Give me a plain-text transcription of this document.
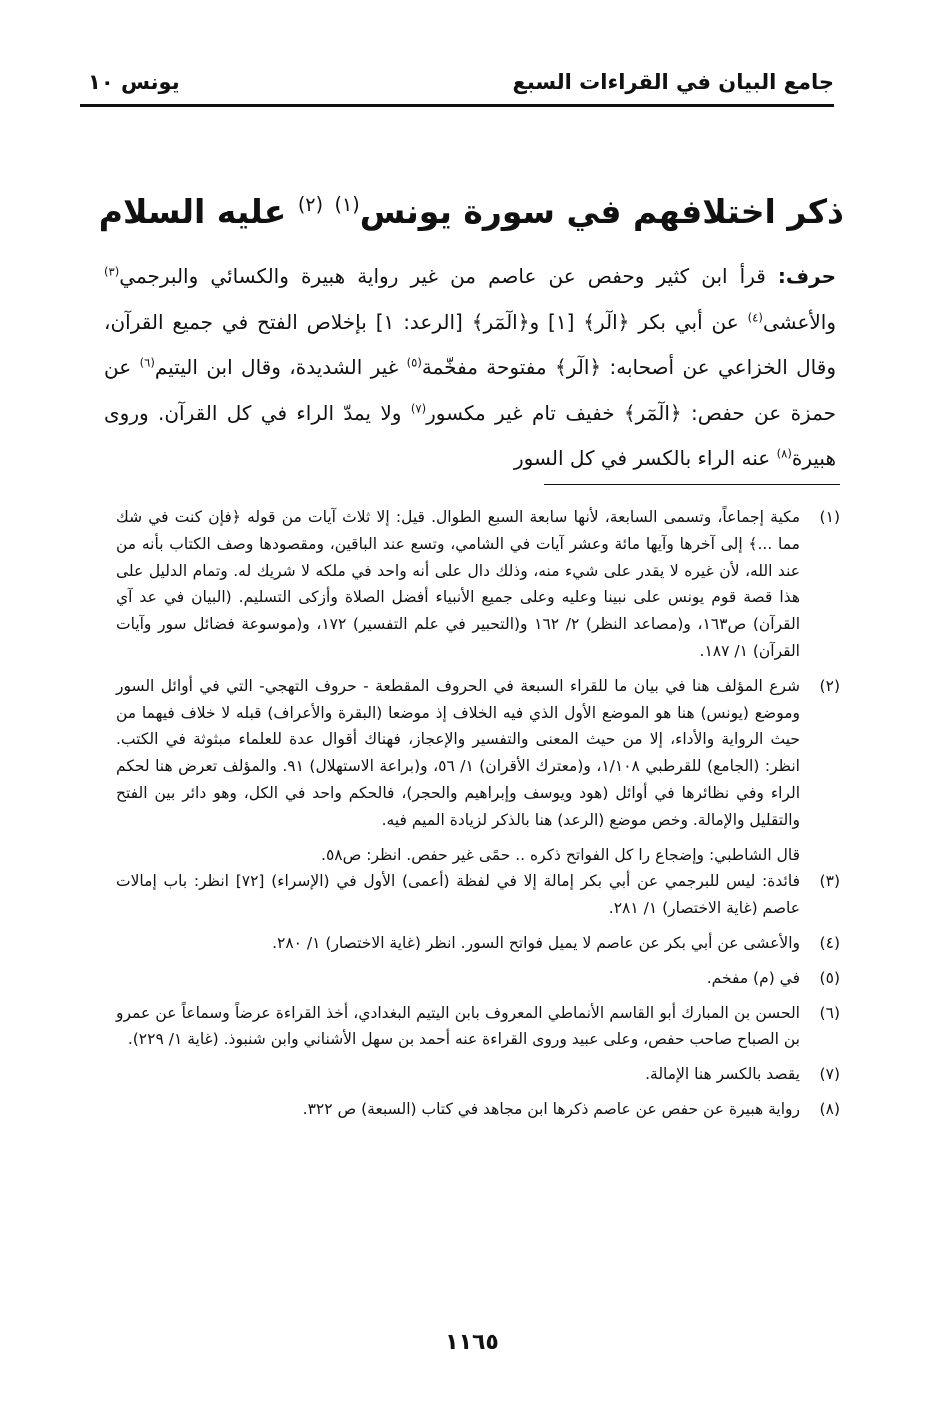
جامع البيان في القراءات السبع
يونس ١٠
ذكر اختلافهم في سورة يونس$^{(١)}$ $^{(٢)}$ عليه السلام
حرف: قرأ ابن كثير وحفص عن عاصم من غير رواية هبيرة والكسائي والبرجمي$^{(٣)}$ والأعشى$^{(٤)}$ عن أبي بكر ﴿الٓر﴾ [١] و﴿الٓمٓر﴾ [الرعد: ١] بإخلاص الفتح في جميع القرآن، وقال الخزاعي عن أصحابه: ﴿الٓر﴾ مفتوحة مفخّمة$^{(٥)}$ غير الشديدة، وقال ابن اليتيم$^{(٦)}$ عن حمزة عن حفص: ﴿الٓمٓر﴾ خفيف تام غير مكسور$^{(٧)}$ ولا يمدّ الراء في كل القرآن. وروى هبيرة$^{(٨)}$ عنه الراء بالكسر في كل السور
(١)
مكية إجماعاً، وتسمى السابعة، لأنها سابعة السبع الطوال. قيل: إلا ثلاث آيات من قوله ﴿فإن كنت في شك مما ...﴾ إلى آخرها وآيها مائة وعشر آيات في الشامي، وتسع عند الباقين، ومقصودها وصف الكتاب بأنه من عند الله، لأن غيره لا يقدر على شيء منه، وذلك دال على أنه واحد في ملكه لا شريك له. وتمام الدليل على هذا قصة قوم يونس على نبينا وعليه وعلى جميع الأنبياء أفضل الصلاة وأزكى التسليم. (البيان في عد آي القرآن) ص١٦٣، و(مصاعد النظر) ٢/ ١٦٢ و(التحبير في علم التفسير) ١٧٢، و(موسوعة فضائل سور وآيات القرآن) ١/ ١٨٧.
(٢)
شرع المؤلف هنا في بيان ما للقراء السبعة في الحروف المقطعة - حروف التهجي- التي في أوائل السور وموضع (يونس) هنا هو الموضع الأول الذي فيه الخلاف إذ موضعا (البقرة والأعراف) قبله لا خلاف فيهما من حيث الرواية والأداء، إلا من حيث المعنى والتفسير والإعجاز، فهناك أقوال عدة للعلماء مبثوثة في الكتب. انظر: (الجامع) للقرطبي ١/١٠٨، و(معترك الأقران) ١/ ٥٦، و(براعة الاستهلال) ٩١. والمؤلف تعرض هنا لحكم الراء وفي نظائرها في أوائل (هود ويوسف وإبراهيم والحجر)، فالحكم واحد في الكل، وهو دائر بين الفتح والتقليل والإمالة. وخص موضع (الرعد) هنا بالذكر لزيادة الميم فيه.
قال الشاطبي: وإضجاع را كل الفواتح ذكره .. حمًى غير حفص. انظر: ص٥٨.
(٣)
فائدة: ليس للبرجمي عن أبي بكر إمالة إلا في لفظة (أعمى) الأول في (الإسراء) [٧٢] انظر: باب إمالات عاصم (غاية الاختصار) ١/ ٢٨١.
(٤)
والأعشى عن أبي بكر عن عاصم لا يميل فواتح السور. انظر (غاية الاختصار) ١/ ٢٨٠.
(٥)
في (م) مفخم.
(٦)
الحسن بن المبارك أبو القاسم الأنماطي المعروف بابن اليتيم البغدادي، أخذ القراءة عرضاً وسماعاً عن عمرو بن الصباح صاحب حفص، وعلى عبيد وروى القراءة عنه أحمد بن سهل الأشناني وابن شنبوذ. (غاية ١/ ٢٢٩).
(٧)
يقصد بالكسر هنا الإمالة.
(٨)
رواية هبيرة عن حفص عن عاصم ذكرها ابن مجاهد في كتاب (السبعة) ص ٣٢٢.
١١٦٥
